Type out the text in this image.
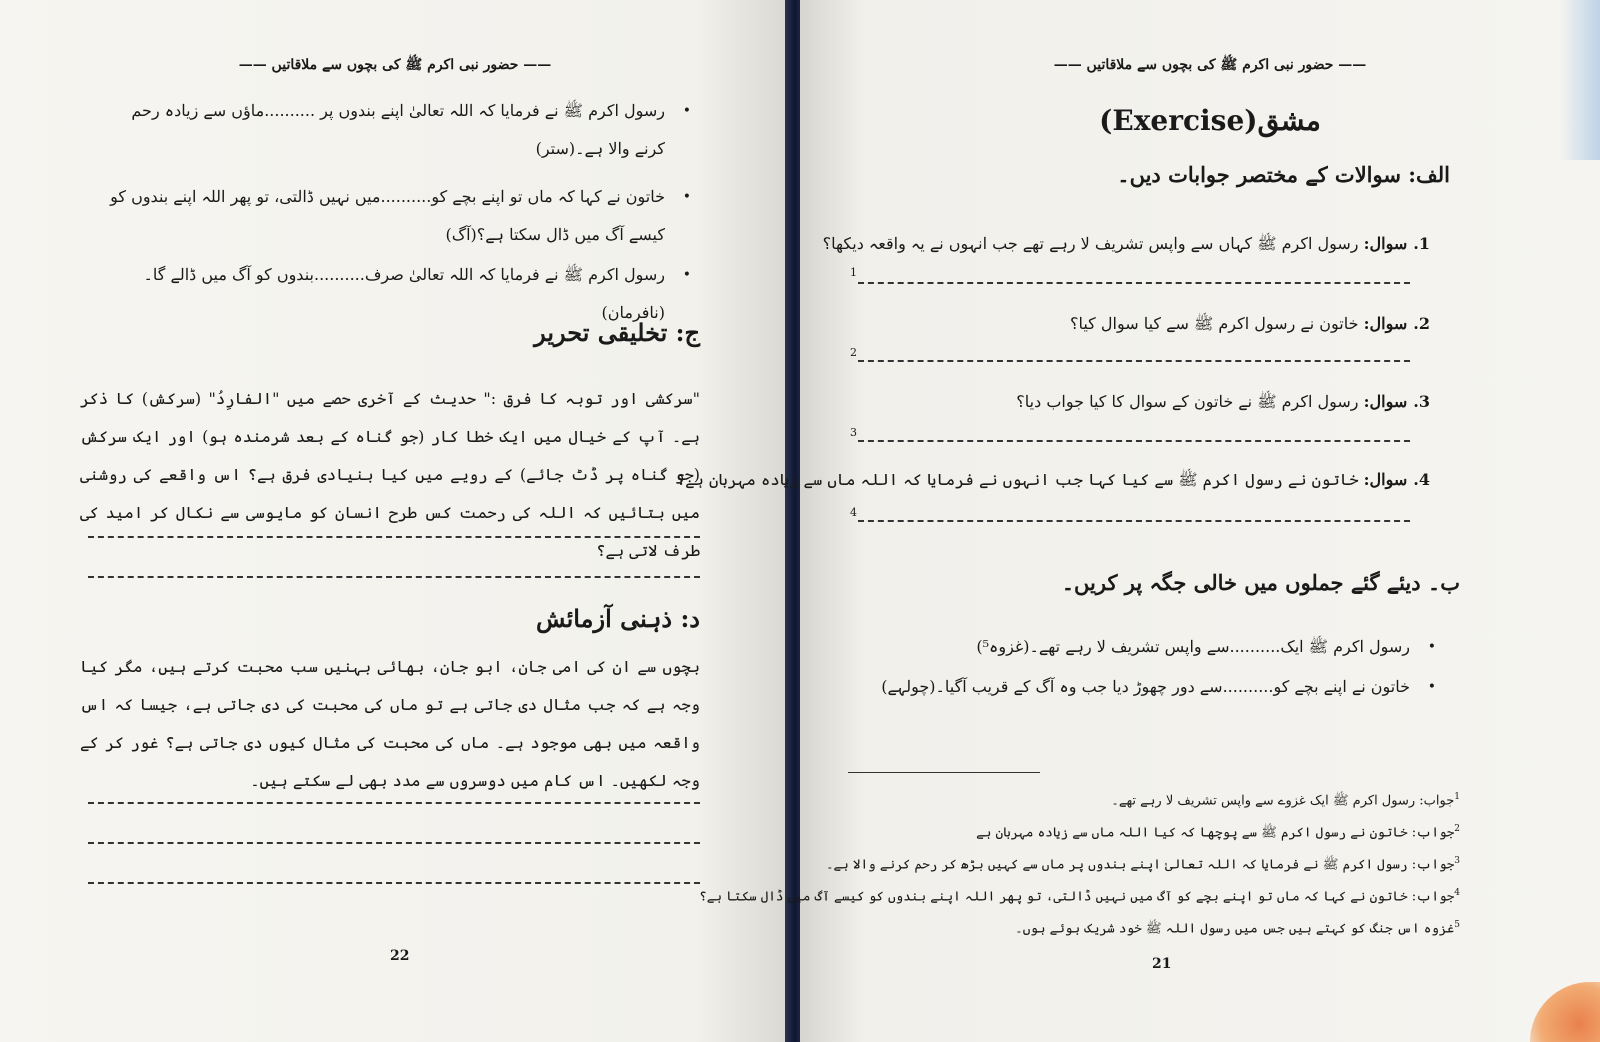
—— حضور نبی اکرم ﷺ کی بچوں سے ملاقاتیں ——
•
رسول اکرم ﷺ نے فرمایا کہ اللہ تعالیٰ اپنے بندوں پر ..........ماؤں سے زیادہ رحم کرنے والا ہے۔(ستر)
•
خاتون نے کہا کہ ماں تو اپنے بچے کو..........میں نہیں ڈالتی، تو پھر اللہ اپنے بندوں کو کیسے آگ میں ڈال سکتا ہے؟(آگ)
•
رسول اکرم ﷺ نے فرمایا کہ اللہ تعالیٰ صرف..........بندوں کو آگ میں ڈالے گا۔(نافرمان)
ج: تخلیقی تحریر
"سرکشی اور توبہ کا فرق :" حدیث کے آخری حصے میں "الفارِدُ" (سرکش) کا ذکر ہے۔ آپ کے خیال میں ایک خطا کار (جو گناہ کے بعد شرمندہ ہو) اور ایک سرکش (جو گناہ پر ڈٹ جائے) کے رویے میں کیا بنیادی فرق ہے؟ اس واقعے کی روشنی میں بتائیں کہ اللہ کی رحمت کس طرح انسان کو مایوسی سے نکال کر امید کی طرف لاتی ہے؟
د: ذہنی آزمائش
بچوں سے ان کی امی جان، ابو جان، بھائی بہنیں سب محبت کرتے ہیں، مگر کیا وجہ ہے کہ جب مثال دی جاتی ہے تو ماں کی محبت کی دی جاتی ہے، جیسا کہ اس واقعہ میں بھی موجود ہے۔ ماں کی محبت کی مثال کیوں دی جاتی ہے؟ غور کر کے وجہ لکھیں۔ اس کام میں دوسروں سے مدد بھی لے سکتے ہیں۔
22
—— حضور نبی اکرم ﷺ کی بچوں سے ملاقاتیں ——
مشق(Exercise)
الف: سوالات کے مختصر جوابات دیں۔
1.سوال: رسول اکرم ﷺ کہاں سے واپس تشریف لا رہے تھے جب انہوں نے یہ واقعہ دیکھا؟
1
2.سوال: خاتون نے رسول اکرم ﷺ سے کیا سوال کیا؟
2
3.سوال: رسول اکرم ﷺ نے خاتون کے سوال کا کیا جواب دیا؟
3
4.سوال: خاتون نے رسول اکرم ﷺ سے کیا کہا جب انہوں نے فرمایا کہ اللہ ماں سے زیادہ مہربان ہے؟
4
ب۔ دیئے گئے جملوں میں خالی جگہ پر کریں۔
•
رسول اکرم ﷺ ایک..........سے واپس تشریف لا رہے تھے۔(غزوہ⁵)
•
خاتون نے اپنے بچے کو..........سے دور چھوڑ دیا جب وہ آگ کے قریب آگیا۔(چولہے)
$^1$جواب: رسول اکرم ﷺ ایک غزوے سے واپس تشریف لا رہے تھے۔
$^2$جواب: خاتون نے رسول اکرم ﷺ سے پوچھا کہ کیا اللہ ماں سے زیادہ مہربان ہے
$^3$جواب: رسول اکرم ﷺ نے فرمایا کہ اللہ تعالیٰ اپنے بندوں پر ماں سے کہیں بڑھ کر رحم کرنے والا ہے۔
$^4$جواب: خاتون نے کہا کہ ماں تو اپنے بچے کو آگ میں نہیں ڈالتی، تو پھر اللہ اپنے بندوں کو کیسے آگ میں ڈال سکتا ہے؟
$^5$غزوہ اس جنگ کو کہتے ہیں جس میں رسول اللہ ﷺ خود شریک ہوئے ہوں۔
21
